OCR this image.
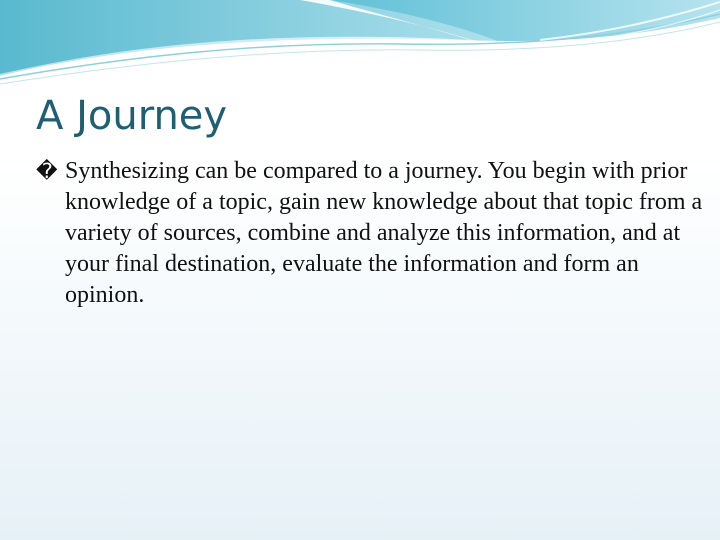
A Journey

� Synthesizing can be compared to a journey. You begin with prior knowledge of a topic, gain new knowledge about that topic from a variety of sources, combine and analyze this information, and at your final destination, evaluate the information and form an opinion.
